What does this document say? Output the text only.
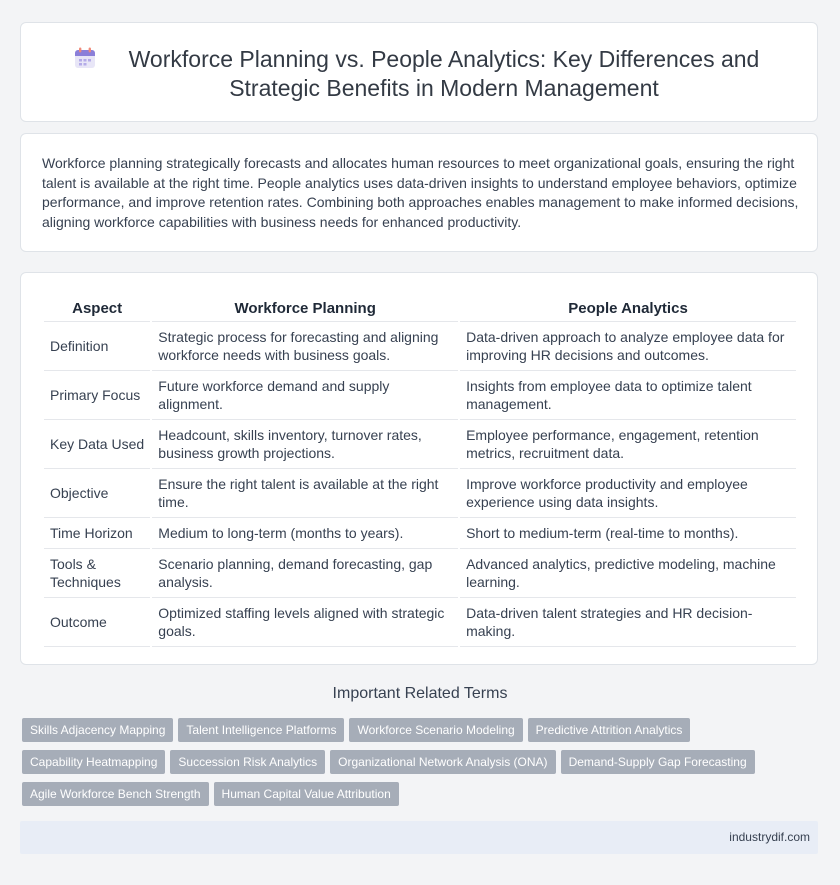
Workforce Planning vs. People Analytics: Key Differences and Strategic Benefits in Modern Management

Workforce planning strategically forecasts and allocates human resources to meet organizational goals, ensuring the right talent is available at the right time. People analytics uses data-driven insights to understand employee behaviors, optimize performance, and improve retention rates. Combining both approaches enables management to make informed decisions, aligning workforce capabilities with business needs for enhanced productivity.

Aspect	Workforce Planning	People Analytics
Definition	Strategic process for forecasting and aligning workforce needs with business goals.	Data-driven approach to analyze employee data for improving HR decisions and outcomes.
Primary Focus	Future workforce demand and supply alignment.	Insights from employee data to optimize talent management.
Key Data Used	Headcount, skills inventory, turnover rates, business growth projections.	Employee performance, engagement, retention metrics, recruitment data.
Objective	Ensure the right talent is available at the right time.	Improve workforce productivity and employee experience using data insights.
Time Horizon	Medium to long-term (months to years).	Short to medium-term (real-time to months).
Tools & Techniques	Scenario planning, demand forecasting, gap analysis.	Advanced analytics, predictive modeling, machine learning.
Outcome	Optimized staffing levels aligned with strategic goals.	Data-driven talent strategies and HR decision-making.
Important Related Terms
Skills Adjacency Mapping Talent Intelligence Platforms Workforce Scenario Modeling Predictive Attrition Analytics
Capability Heatmapping Succession Risk Analytics Organizational Network Analysis (ONA) Demand-Supply Gap Forecasting
Agile Workforce Bench Strength Human Capital Value Attribution
industrydif.com
